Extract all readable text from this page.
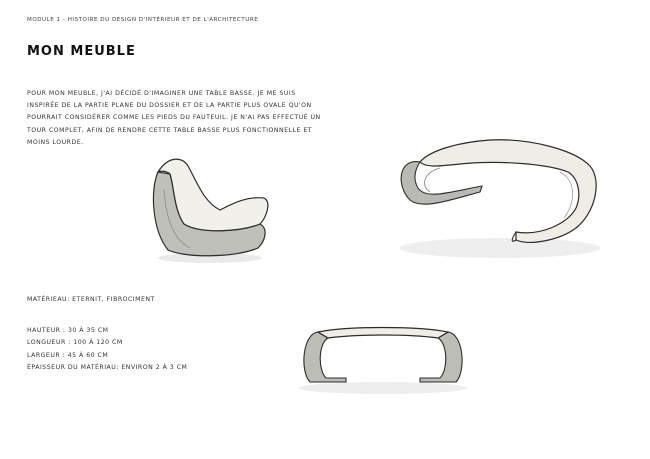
MODULE 1 - HISTOIRE DU DESIGN D'INTÉRIEUR ET DE L'ARCHITECTURE
MON MEUBLE
POUR MON MEUBLE, J'AI DÉCIDÉ D'IMAGINER UNE TABLE BASSE. JE ME SUIS
INSPIRÉE DE LA PARTIE PLANE DU DOSSIER ET DE LA PARTIE PLUS OVALE QU'ON
POURRAIT CONSIDÉRER COMME LES PIEDS DU FAUTEUIL. JE N'AI PAS EFFECTUÉ UN
TOUR COMPLET, AFIN DE RENDRE CETTE TABLE BASSE PLUS FONCTIONNELLE ET
MOINS LOURDE.
MATÉRIEAU: ETERNIT, FIBROCIMENT
HAUTEUR : 30 À 35 CM
LONGUEUR : 100 À 120 CM
LARGEUR : 45 À 60 CM
ÉPAISSEUR DU MATÉRIAU: ENVIRON 2 À 3 CM
